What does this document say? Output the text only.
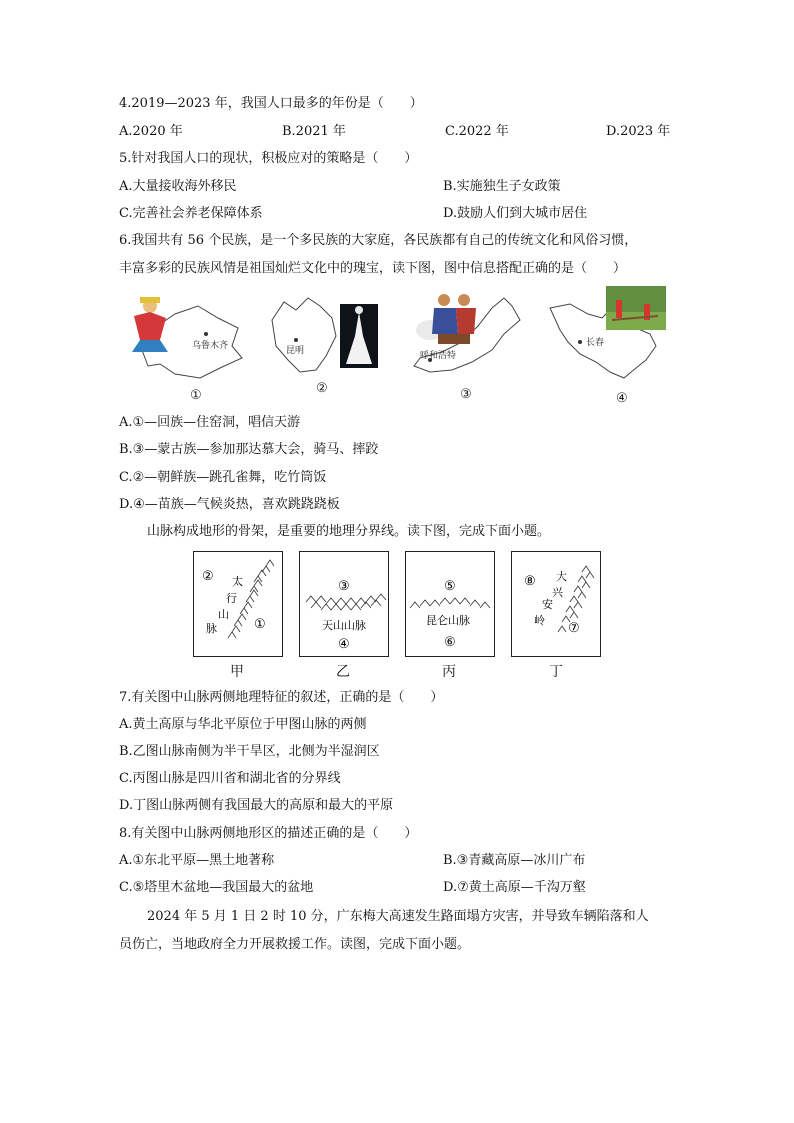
4.2019—2023 年，我国人口最多的年份是（　　）
A.2020 年	B.2021 年	C.2022 年	D.2023 年
5.针对我国人口的现状，积极应对的策略是（　　）
A.大量接收海外移民	B.实施独生子女政策
C.完善社会养老保障体系	D.鼓励人们到大城市居住
6.我国共有 56 个民族，是一个多民族的大家庭，各民族都有自己的传统文化和风俗习惯，
丰富多彩的民族风情是祖国灿烂文化中的瑰宝，读下图，图中信息搭配正确的是（　　）
乌鲁木齐
①
昆明
②
呼和浩特
③
长春
④
A.①—回族—住窑洞，唱信天游
B.③—蒙古族—参加那达慕大会，骑马、摔跤
C.②—朝鲜族—跳孔雀舞，吃竹筒饭
D.④—苗族—气候炎热，喜欢跳跷跷板
山脉构成地形的骨架，是重要的地理分界线。读下图，完成下面小题。
② 太
行
山
脉	①
甲
③
天山山脉
④
乙
⑤
昆仑山脉
⑥
丙
⑧ 大
兴
安
岭
⑦
丁
7.有关图中山脉两侧地理特征的叙述，正确的是（　　）
A.黄土高原与华北平原位于甲图山脉的两侧
B.乙图山脉南侧为半干旱区，北侧为半湿润区
C.丙图山脉是四川省和湖北省的分界线
D.丁图山脉两侧有我国最大的高原和最大的平原
8.有关图中山脉两侧地形区的描述正确的是（　　）
A.①东北平原—黑土地著称	B.③青藏高原—冰川广布
C.⑤塔里木盆地—我国最大的盆地	D.⑦黄土高原—千沟万壑
2024 年 5 月 1 日 2 时 10 分，广东梅大高速发生路面塌方灾害，并导致车辆陷落和人
员伤亡，当地政府全力开展救援工作。读图，完成下面小题。
